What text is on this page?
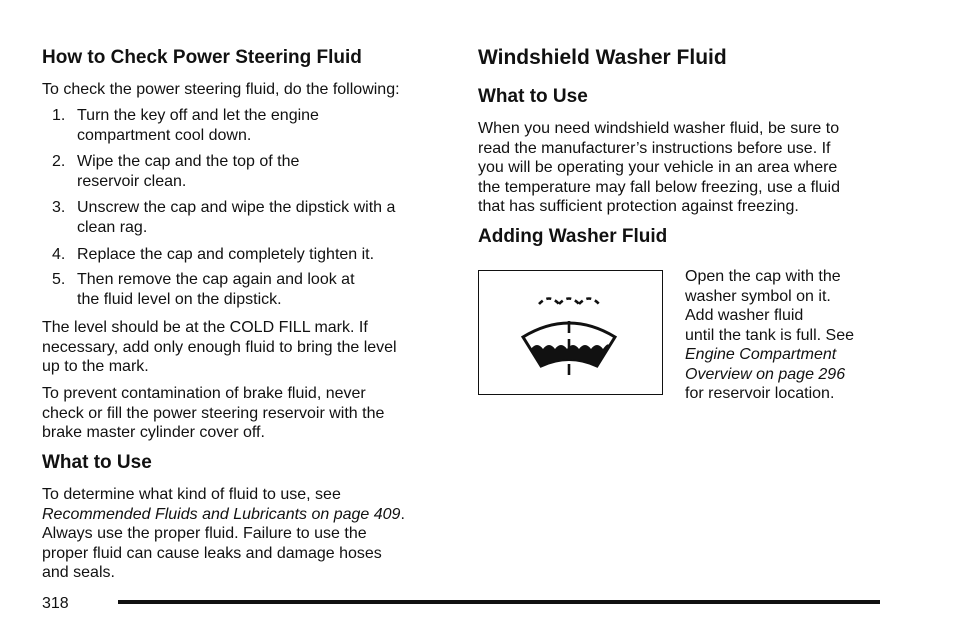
How to Check Power Steering Fluid

To check the power steering fluid, do the following:

1. Turn the key off and let the engine
compartment cool down.
2. Wipe the cap and the top of the
reservoir clean.
3. Unscrew the cap and wipe the dipstick with a
clean rag.
4. Replace the cap and completely tighten it.
5. Then remove the cap again and look at
the fluid level on the dipstick.

The level should be at the COLD FILL mark. If
necessary, add only enough fluid to bring the level
up to the mark.

To prevent contamination of brake fluid, never
check or fill the power steering reservoir with the
brake master cylinder cover off.

What to Use

To determine what kind of fluid to use, see
Recommended Fluids and Lubricants on page 409.
Always use the proper fluid. Failure to use the
proper fluid can cause leaks and damage hoses
and seals.

Windshield Washer Fluid
What to Use

When you need windshield washer fluid, be sure to
read the manufacturer’s instructions before use. If
you will be operating your vehicle in an area where
the temperature may fall below freezing, use a fluid
that has sufficient protection against freezing.

Adding Washer Fluid

Open the cap with the
washer symbol on it.
Add washer fluid
until the tank is full. See
Engine Compartment
Overview on page 296
for reservoir location.

318
